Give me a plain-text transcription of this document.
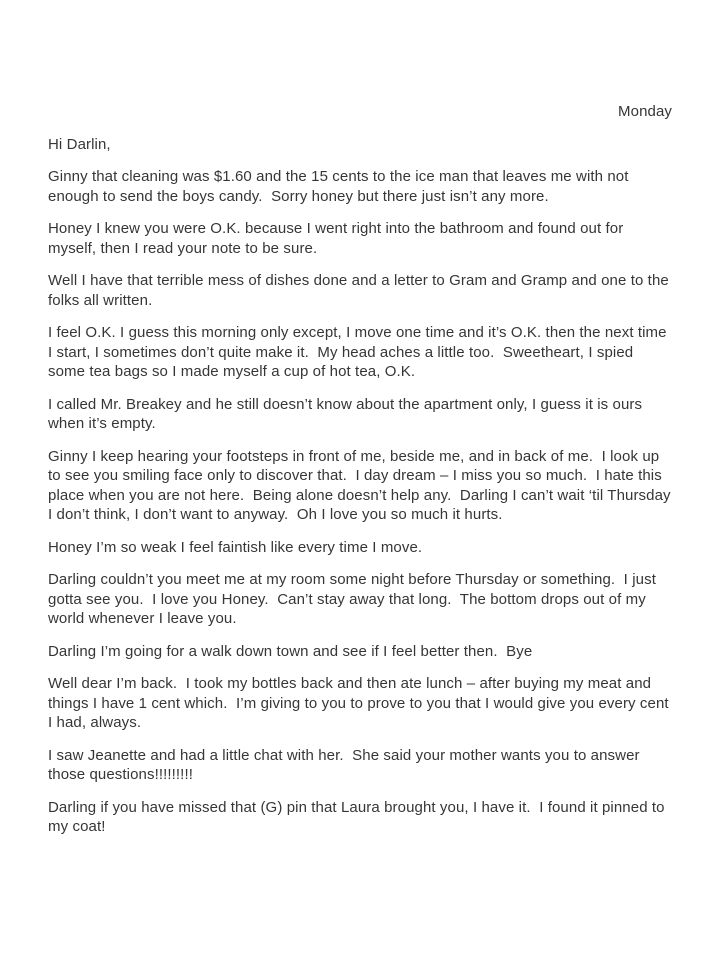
Monday
Hi Darlin,

Ginny that cleaning was $1.60 and the 15 cents to the ice man that leaves me with not enough to send the boys candy.  Sorry honey but there just isn’t any more.

Honey I knew you were O.K. because I went right into the bathroom and found out for myself, then I read your note to be sure.

Well I have that terrible mess of dishes done and a letter to Gram and Gramp and one to the folks all written.

I feel O.K. I guess this morning only except, I move one time and it’s O.K. then the next time I start, I sometimes don’t quite make it.  My head aches a little too.  Sweetheart, I spied some tea bags so I made myself a cup of hot tea, O.K.

I called Mr. Breakey and he still doesn’t know about the apartment only, I guess it is ours when it’s empty.

Ginny I keep hearing your footsteps in front of me, beside me, and in back of me.  I look up to see you smiling face only to discover that.  I day dream – I miss you so much.  I hate this place when you are not here.  Being alone doesn’t help any.  Darling I can’t wait ‘til Thursday I don’t think, I don’t want to anyway.  Oh I love you so much it hurts.

Honey I’m so weak I feel faintish like every time I move.

Darling couldn’t you meet me at my room some night before Thursday or something.  I just gotta see you.  I love you Honey.  Can’t stay away that long.  The bottom drops out of my world whenever I leave you.

Darling I’m going for a walk down town and see if I feel better then.  Bye

Well dear I’m back.  I took my bottles back and then ate lunch – after buying my meat and things I have 1 cent which.  I’m giving to you to prove to you that I would give you every cent I had, always.

I saw Jeanette and had a little chat with her.  She said your mother wants you to answer those questions!!!!!!!!!

Darling if you have missed that (G) pin that Laura brought you, I have it.  I found it pinned to my coat!
